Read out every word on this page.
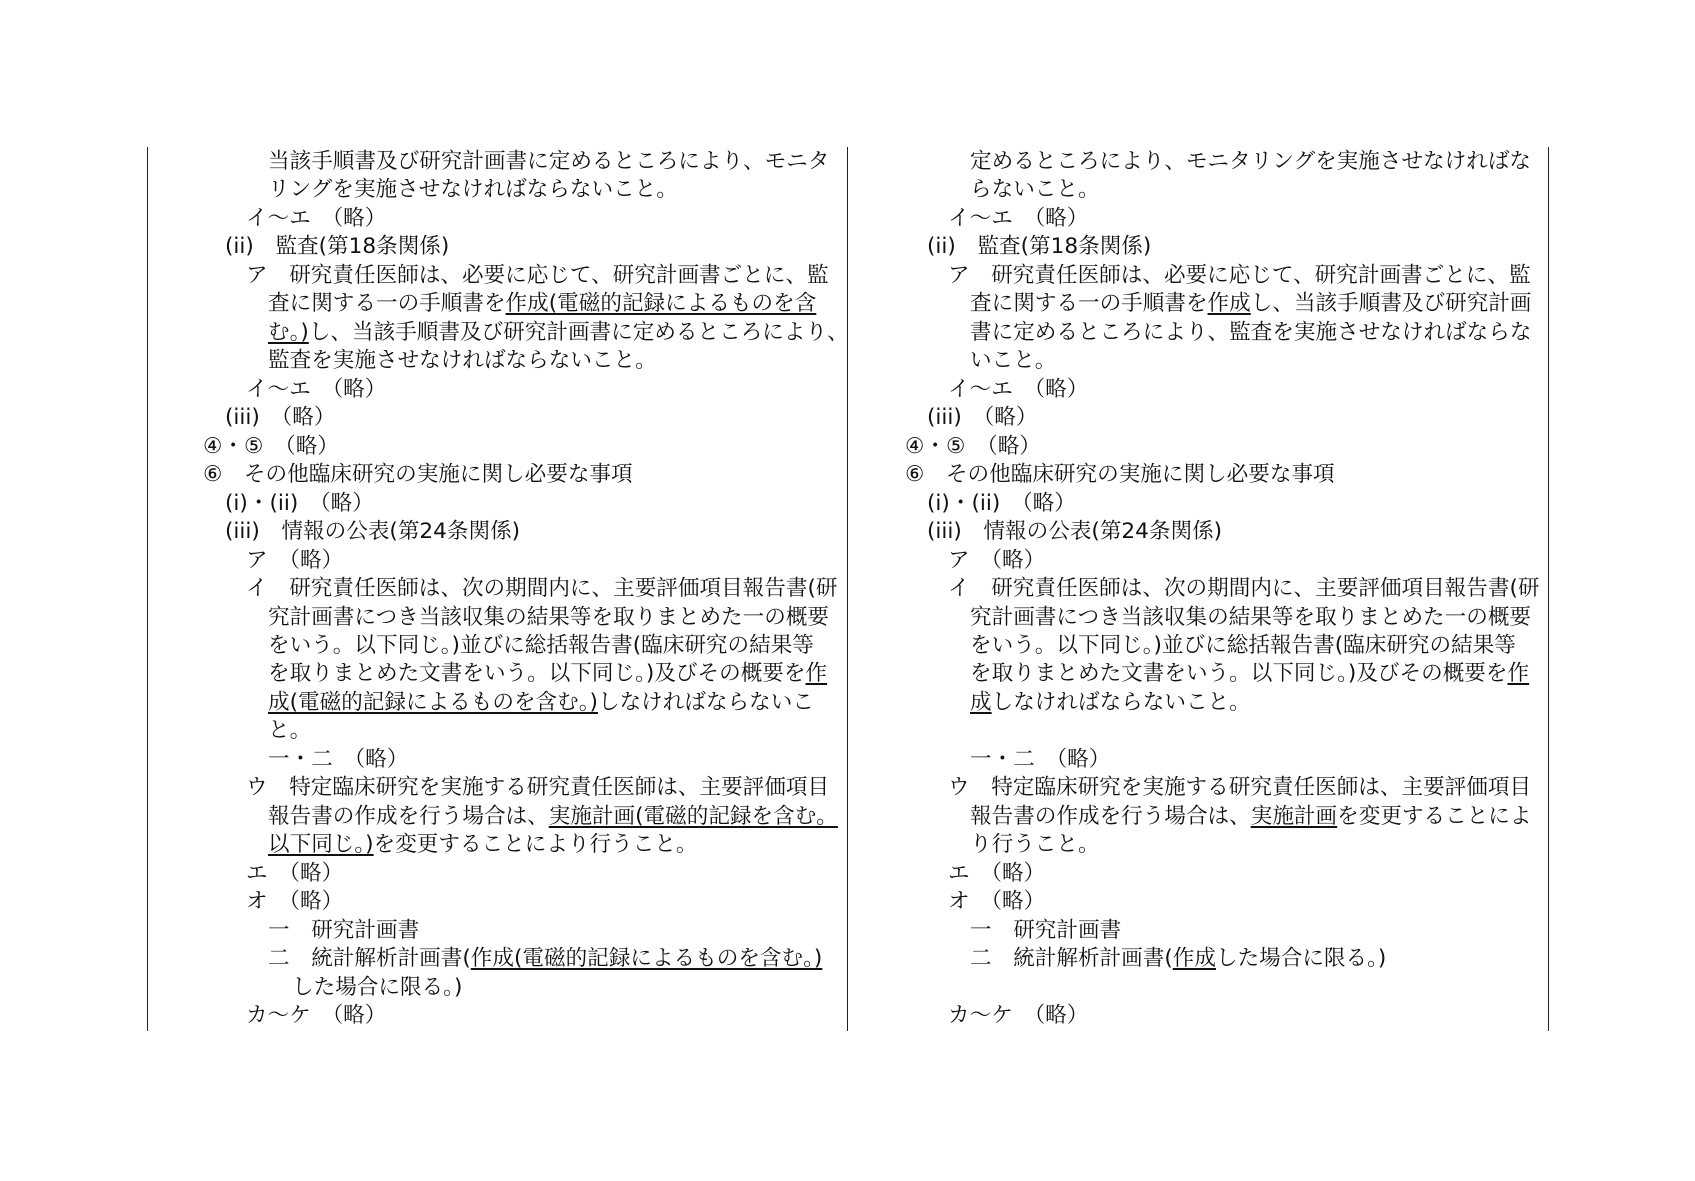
当該手順書及び研究計画書に定めるところにより、モニタ
リングを実施させなければならないこと。
イ～エ　（略）
(ii)　監査(第18条関係)
ア　研究責任医師は、必要に応じて、研究計画書ごとに、監
査に関する一の手順書を作成(電磁的記録によるものを含
む。)し、当該手順書及び研究計画書に定めるところにより、
監査を実施させなければならないこと。
イ～エ　（略）
(iii)　（略）
④・⑤　（略）
⑥　その他臨床研究の実施に関し必要な事項
(i)・(ii)　（略）
(iii)　情報の公表(第24条関係)
ア　（略）
イ　研究責任医師は、次の期間内に、主要評価項目報告書(研
究計画書につき当該収集の結果等を取りまとめた一の概要
をいう。以下同じ。)並びに総括報告書(臨床研究の結果等
を取りまとめた文書をいう。以下同じ。)及びその概要を作
成(電磁的記録によるものを含む。)しなければならないこ
と。
一・二　（略）
ウ　特定臨床研究を実施する研究責任医師は、主要評価項目
報告書の作成を行う場合は、実施計画(電磁的記録を含む。
以下同じ。)を変更することにより行うこと。
エ　（略）
オ　（略）
一　研究計画書
二　統計解析計画書(作成(電磁的記録によるものを含む。)
した場合に限る。)
カ～ケ　（略）
定めるところにより、モニタリングを実施させなければな
らないこと。
イ～エ　（略）
(ii)　監査(第18条関係)
ア　研究責任医師は、必要に応じて、研究計画書ごとに、監
査に関する一の手順書を作成し、当該手順書及び研究計画
書に定めるところにより、監査を実施させなければならな
いこと。
イ～エ　（略）
(iii)　（略）
④・⑤　（略）
⑥　その他臨床研究の実施に関し必要な事項
(i)・(ii)　（略）
(iii)　情報の公表(第24条関係)
ア　（略）
イ　研究責任医師は、次の期間内に、主要評価項目報告書(研
究計画書につき当該収集の結果等を取りまとめた一の概要
をいう。以下同じ。)並びに総括報告書(臨床研究の結果等
を取りまとめた文書をいう。以下同じ。)及びその概要を作
成しなければならないこと。
一・二　（略）
ウ　特定臨床研究を実施する研究責任医師は、主要評価項目
報告書の作成を行う場合は、実施計画を変更することによ
り行うこと。
エ　（略）
オ　（略）
一　研究計画書
二　統計解析計画書(作成した場合に限る。)
カ～ケ　（略）
